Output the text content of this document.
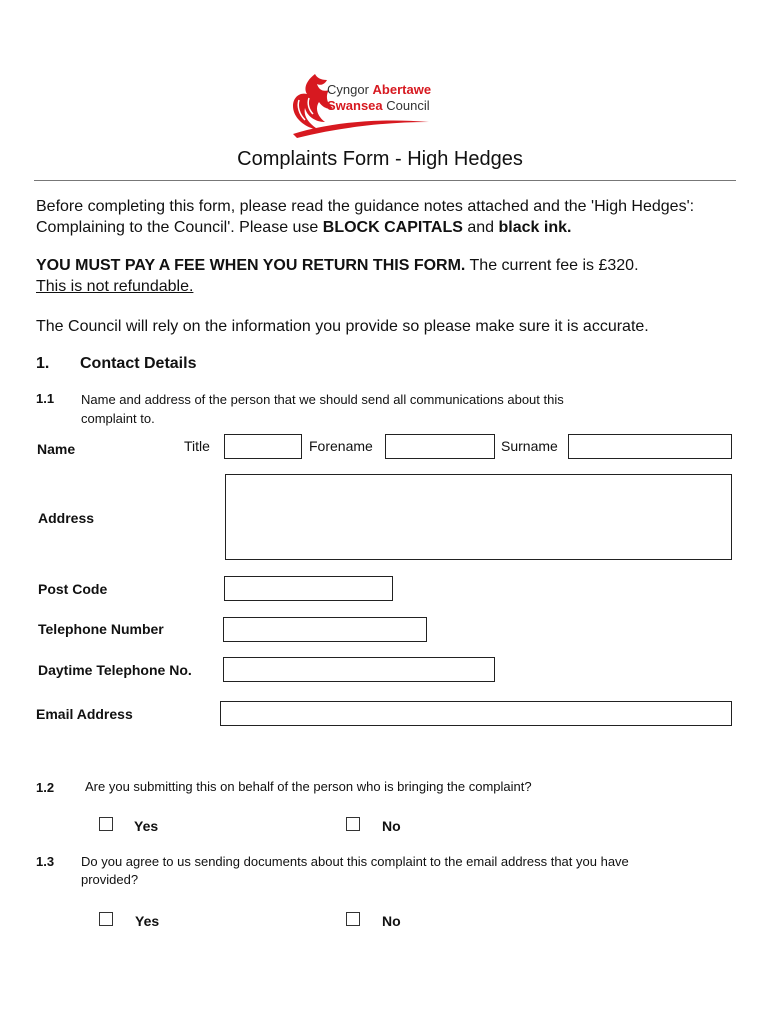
Cyngor Abertawe
Swansea Council
Complaints Form - High Hedges

Before completing this form, please read the guidance notes attached and the 'High Hedges': Complaining to the Council'. Please use BLOCK CAPITALS and black ink.

YOU MUST PAY A FEE WHEN YOU RETURN THIS FORM. The current fee is £320.
This is not refundable.

The Council will rely on the information you provide so please make sure it is accurate.

1. Contact Details
1.1 Name and address of the person that we should send all communications about this
complaint to.
Name	Title	Forename	Surname
Address
Post Code
Telephone Number
Daytime Telephone No.
Email Address
1.2 Are you submitting this on behalf of the person who is bringing the complaint?
Yes	No
1.3 Do you agree to us sending documents about this complaint to the email address that you have
provided?
Yes	No
